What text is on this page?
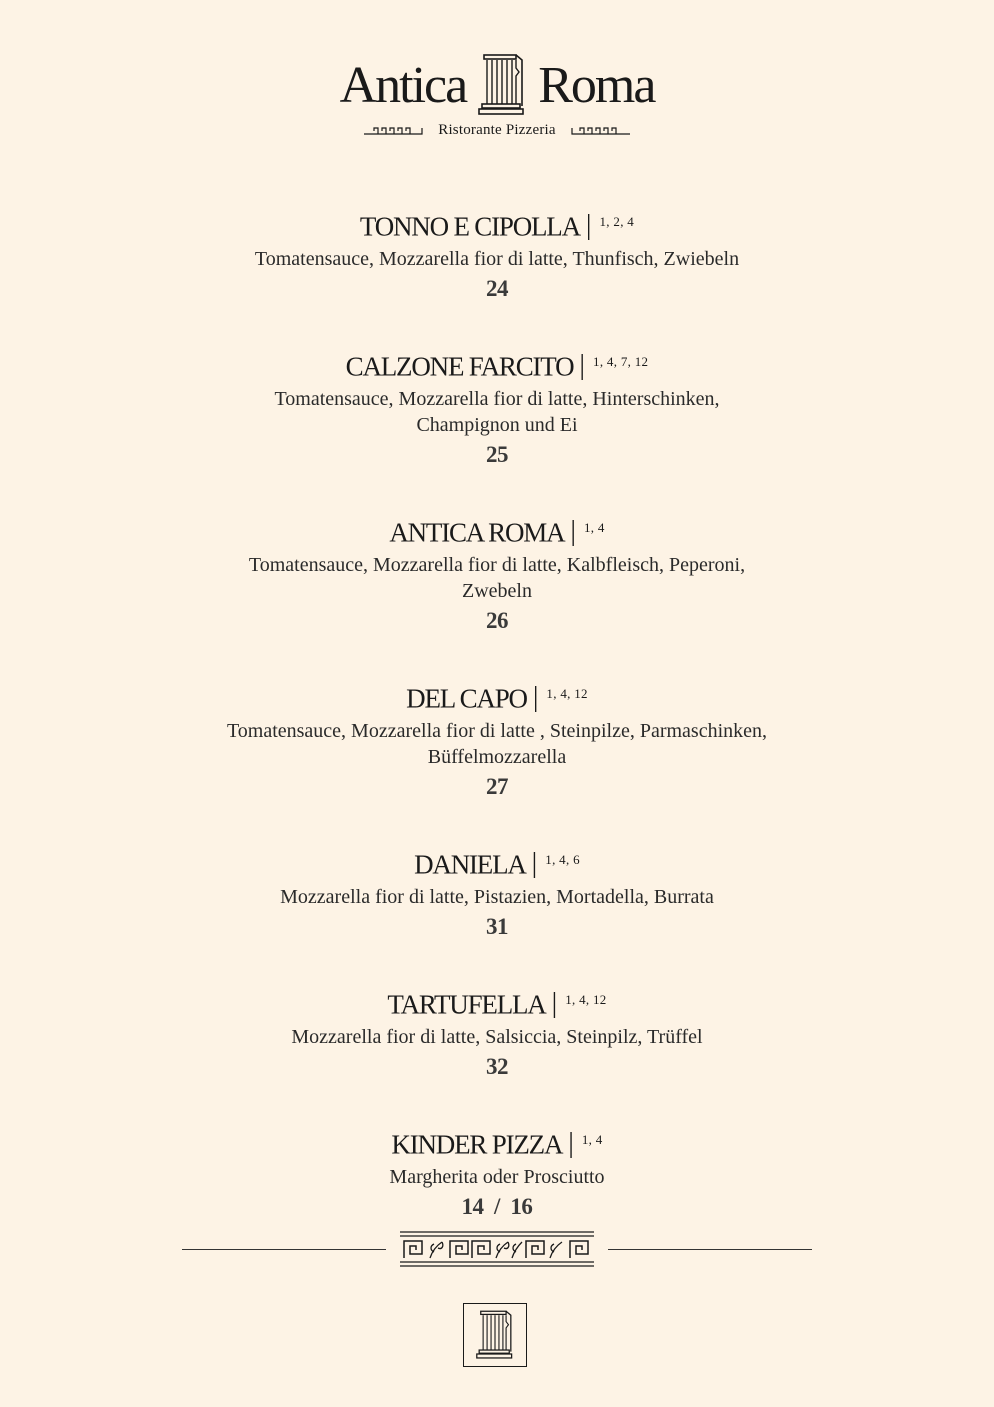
Antica Roma
Ristorante Pizzeria
TONNO E CIPOLLA | $^{1, 2, 4}$
Tomatensauce, Mozzarella fior di latte, Thunfisch, Zwiebeln
24
CALZONE FARCITO | $^{1, 4, 7, 12}$
Tomatensauce, Mozzarella fior di latte, Hinterschinken, Champignon und Ei
25
ANTICA ROMA | $^{1, 4}$
Tomatensauce, Mozzarella fior di latte, Kalbfleisch, Peperoni, Zwebeln
26
DEL CAPO | $^{1, 4, 12}$
Tomatensauce, Mozzarella fior di latte , Steinpilze, Parmaschinken, Büffelmozzarella
27
DANIELA | $^{1, 4, 6}$
Mozzarella fior di latte, Pistazien, Mortadella, Burrata
31
TARTUFELLA | $^{1, 4, 12}$
Mozzarella fior di latte, Salsiccia, Steinpilz, Trüffel
32
KINDER PIZZA | $^{1, 4}$
Margherita oder Prosciutto
14  /  16
